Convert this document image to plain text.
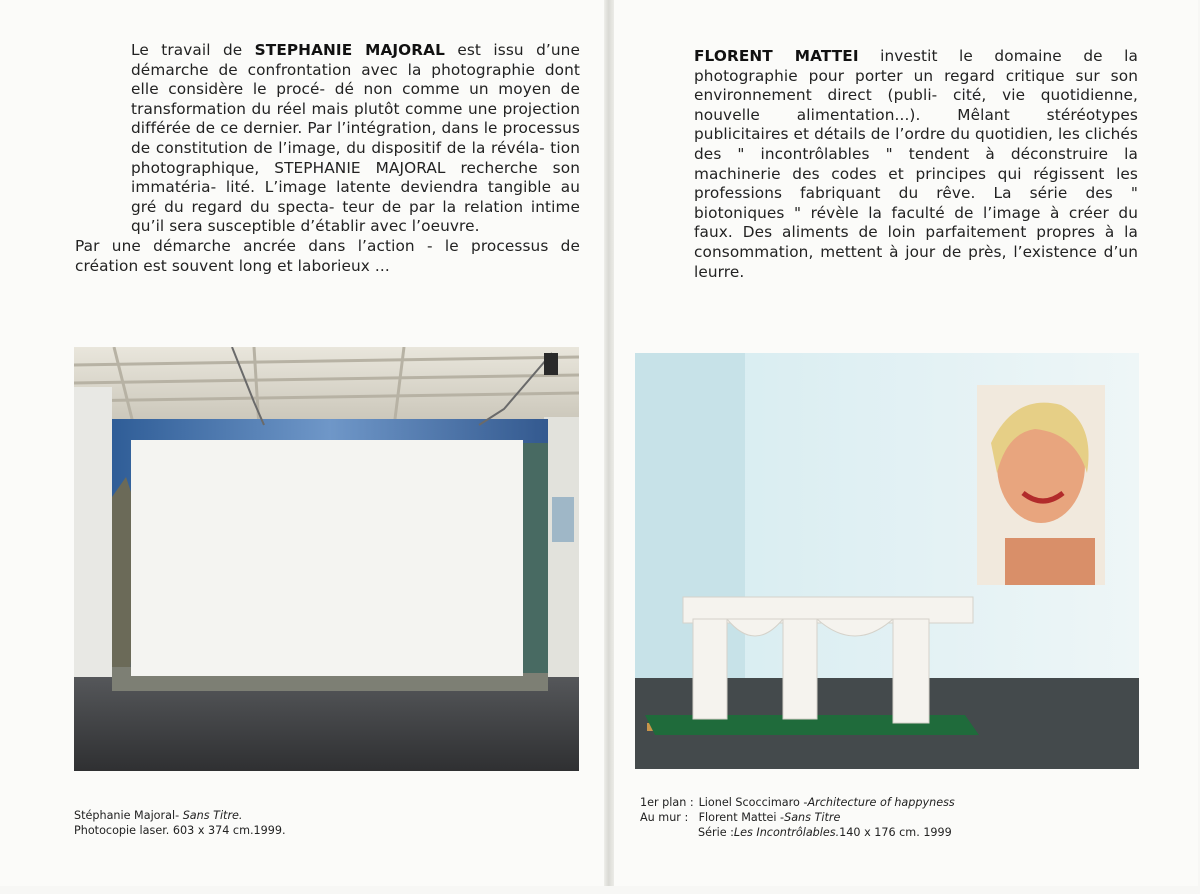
Le travail de STEPHANIE MAJORAL est issu d’une démarche de confrontation avec la photographie dont elle considère le procé- dé non comme un moyen de transformation du réel mais plutôt comme une projection différée de ce dernier. Par l’intégration, dans le processus de constitution de l’image, du dispositif de la révéla- tion photographique, STEPHANIE MAJORAL recherche son immatéria- lité. L’image latente deviendra tangible au gré du regard du specta- teur de par la relation intime qu’il sera susceptible d’établir avec l’oeuvre.

Par une démarche ancrée dans l’action - le processus de création est souvent long et laborieux ...

FLORENT MATTEI investit le domaine de la photographie pour porter un regard critique sur son environnement direct (publi- cité, vie quotidienne, nouvelle alimentation...). Mêlant stéréotypes publicitaires et détails de l’ordre du quotidien, les clichés des " incontrôlables " tendent à déconstruire la machinerie des codes et principes qui régissent les professions fabriquant du rêve. La série des " biotoniques " révèle la faculté de l’image à créer du faux. Des aliments de loin parfaitement propres à la consommation, mettent à jour de près, l’existence d’un leurre.

Stéphanie Majoral- Sans Titre.
Photocopie laser. 603 x 374 cm.1999.
1er plan : Lionel Scoccimaro -Architecture of happyness
Au mur : Florent Mattei -Sans Titre
Série :Les Incontrôlables.140 x 176 cm. 1999
